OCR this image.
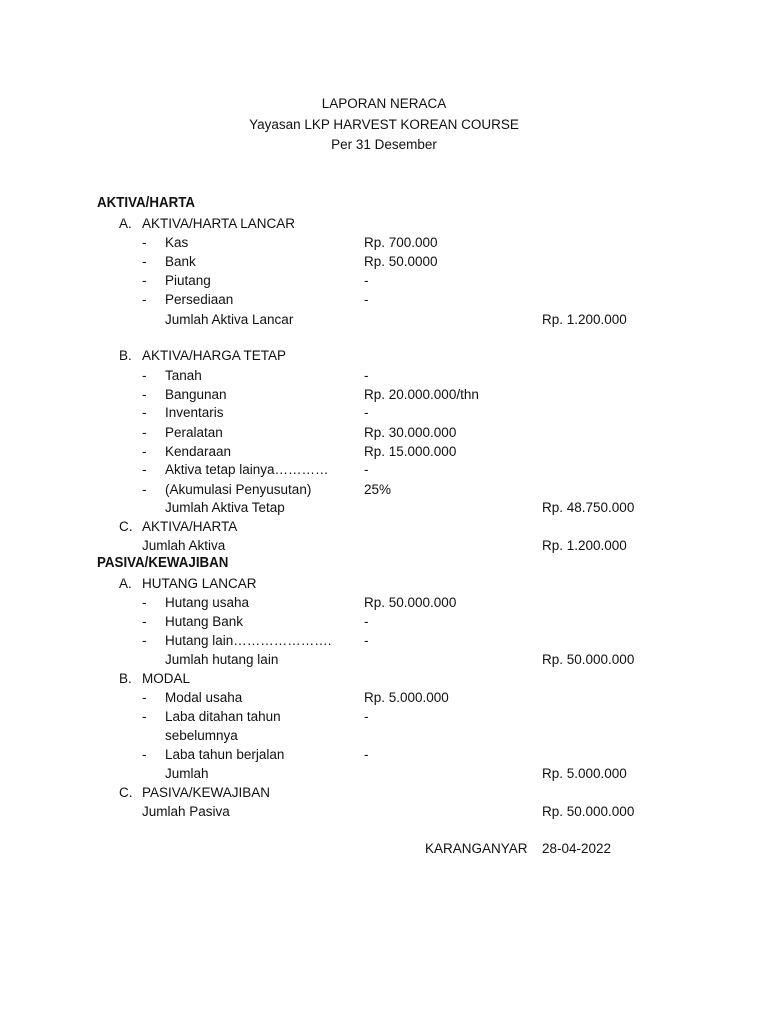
LAPORAN NERACA
Yayasan LKP HARVEST KOREAN COURSE
Per 31 Desember
AKTIVA/HARTA
A. AKTIVA/HARTA LANCAR
- Kas	Rp. 700.000
- Bank	Rp. 50.0000
- Piutang	-
- Persediaan	-
Jumlah Aktiva Lancar	Rp. 1.200.000
B. AKTIVA/HARGA TETAP
- Tanah	-
- Bangunan	Rp. 20.000.000/thn
- Inventaris	-
- Peralatan	Rp. 30.000.000
- Kendaraan	Rp. 15.000.000
- Aktiva tetap lainya…………	-
- (Akumulasi Penyusutan)	25%
Jumlah Aktiva Tetap	Rp. 48.750.000
C. AKTIVA/HARTA
Jumlah Aktiva	Rp. 1.200.000
PASIVA/KEWAJIBAN
A. HUTANG LANCAR
- Hutang usaha	Rp. 50.000.000
- Hutang Bank	-
- Hutang lain…………………. -
Jumlah hutang lain	Rp. 50.000.000
B. MODAL
- Modal usaha	Rp. 5.000.000
- Laba ditahan tahun	-
sebelumnya
- Laba tahun berjalan	-
Jumlah	Rp. 5.000.000
C. PASIVA/KEWAJIBAN
Jumlah Pasiva	Rp. 50.000.000
KARANGANYAR 28-04-2022
